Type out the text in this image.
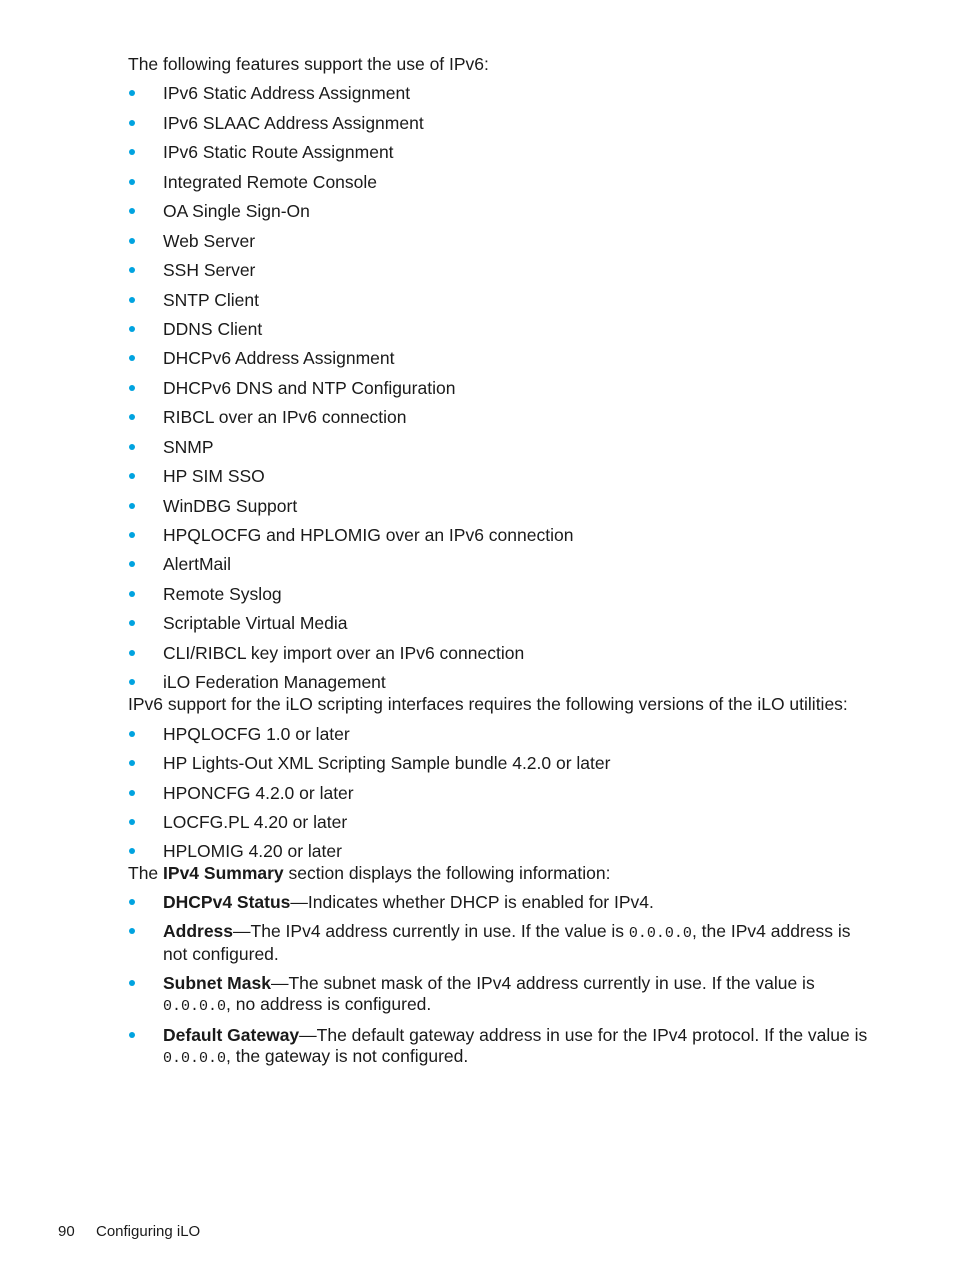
The following features support the use of IPv6:

IPv6 Static Address Assignment
IPv6 SLAAC Address Assignment
IPv6 Static Route Assignment
Integrated Remote Console
OA Single Sign-On
Web Server
SSH Server
SNTP Client
DDNS Client
DHCPv6 Address Assignment
DHCPv6 DNS and NTP Configuration
RIBCL over an IPv6 connection
SNMP
HP SIM SSO
WinDBG Support
HPQLOCFG and HPLOMIG over an IPv6 connection
AlertMail
Remote Syslog
Scriptable Virtual Media
CLI/RIBCL key import over an IPv6 connection
iLO Federation Management

IPv6 support for the iLO scripting interfaces requires the following versions of the iLO utilities:

HPQLOCFG 1.0 or later
HP Lights-Out XML Scripting Sample bundle 4.2.0 or later
HPONCFG 4.2.0 or later
LOCFG.PL 4.20 or later
HPLOMIG 4.20 or later

The IPv4 Summary section displays the following information:

DHCPv4 Status—Indicates whether DHCP is enabled for IPv4.
Address—The IPv4 address currently in use. If the value is 0.0.0.0, the IPv4 address is not configured.
Subnet Mask—The subnet mask of the IPv4 address currently in use. If the value is 0.0.0.0, no address is configured.
Default Gateway—The default gateway address in use for the IPv4 protocol. If the value is 0.0.0.0, the gateway is not configured.
90 Configuring iLO
